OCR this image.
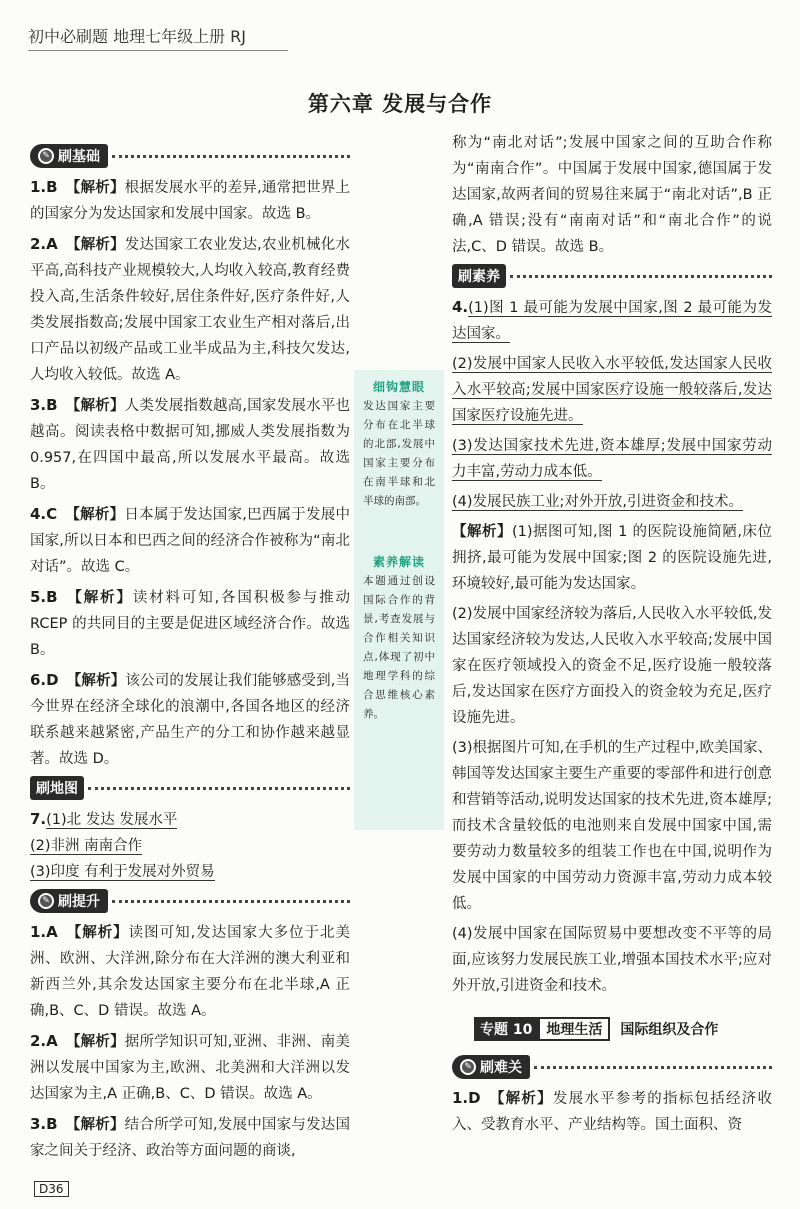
初中必刷题 地理七年级上册 RJ
第六章 发展与合作
✎ 刷基础
1.B 【解析】根据发展水平的差异,通常把世界上的国家分为发达国家和发展中国家。故选 B。
2.A 【解析】发达国家工农业发达,农业机械化水平高,高科技产业规模较大,人均收入较高,教育经费投入高,生活条件较好,居住条件好,医疗条件好,人类发展指数高;发展中国家工农业生产相对落后,出口产品以初级产品或工业半成品为主,科技欠发达,人均收入较低。故选 A。
3.B 【解析】人类发展指数越高,国家发展水平也越高。阅读表格中数据可知,挪威人类发展指数为 0.957,在四国中最高,所以发展水平最高。故选 B。
4.C 【解析】日本属于发达国家,巴西属于发展中国家,所以日本和巴西之间的经济合作被称为“南北对话”。故选 C。
5.B 【解析】读材料可知,各国积极参与推动 RCEP 的共同目的主要是促进区域经济合作。故选 B。
6.D 【解析】该公司的发展让我们能够感受到,当今世界在经济全球化的浪潮中,各国各地区的经济联系越来越紧密,产品生产的分工和协作越来越显著。故选 D。
刷地图
7.(1)北 发达 发展水平
(2)非洲 南南合作
(3)印度 有利于发展对外贸易
✎ 刷提升
1.A 【解析】读图可知,发达国家大多位于北美洲、欧洲、大洋洲,除分布在大洋洲的澳大利亚和新西兰外,其余发达国家主要分布在北半球,A 正确,B、C、D 错误。故选 A。
2.A 【解析】据所学知识可知,亚洲、非洲、南美洲以发展中国家为主,欧洲、北美洲和大洋洲以发达国家为主,A 正确,B、C、D 错误。故选 A。
3.B 【解析】结合所学可知,发展中国家与发达国家之间关于经济、政治等方面问题的商谈,
细钩慧眼
发达国家主要分布在北半球的北部,发展中国家主要分布在南半球和北半球的南部。
素养解读
本题通过创设国际合作的背景,考查发展与合作相关知识点,体现了初中地理学科的综合思维核心素养。
称为“南北对话”;发展中国家之间的互助合作称为“南南合作”。中国属于发展中国家,德国属于发达国家,故两者间的贸易往来属于“南北对话”,B 正确,A 错误;没有“南南对话”和“南北合作”的说法,C、D 错误。故选 B。
刷素养
4.(1)图 1 最可能为发展中国家,图 2 最可能为发达国家。
(2)发展中国家人民收入水平较低,发达国家人民收入水平较高;发展中国家医疗设施一般较落后,发达国家医疗设施先进。
(3)发达国家技术先进,资本雄厚;发展中国家劳动力丰富,劳动力成本低。
(4)发展民族工业;对外开放,引进资金和技术。
【解析】(1)据图可知,图 1 的医院设施简陋,床位拥挤,最可能为发展中国家;图 2 的医院设施先进,环境较好,最可能为发达国家。
(2)发展中国家经济较为落后,人民收入水平较低,发达国家经济较为发达,人民收入水平较高;发展中国家在医疗领域投入的资金不足,医疗设施一般较落后,发达国家在医疗方面投入的资金较为充足,医疗设施先进。
(3)根据图片可知,在手机的生产过程中,欧美国家、韩国等发达国家主要生产重要的零部件和进行创意和营销等活动,说明发达国家的技术先进,资本雄厚;而技术含量较低的电池则来自发展中国家中国,需要劳动力数量较多的组装工作也在中国,说明作为发展中国家的中国劳动力资源丰富,劳动力成本较低。
(4)发展中国家在国际贸易中要想改变不平等的局面,应该努力发展民族工业,增强本国技术水平;应对外开放,引进资金和技术。
专题 10	地理生活	国际组织及合作
✎ 刷难关
1.D 【解析】发展水平参考的指标包括经济收入、受教育水平、产业结构等。国土面积、资
D36
